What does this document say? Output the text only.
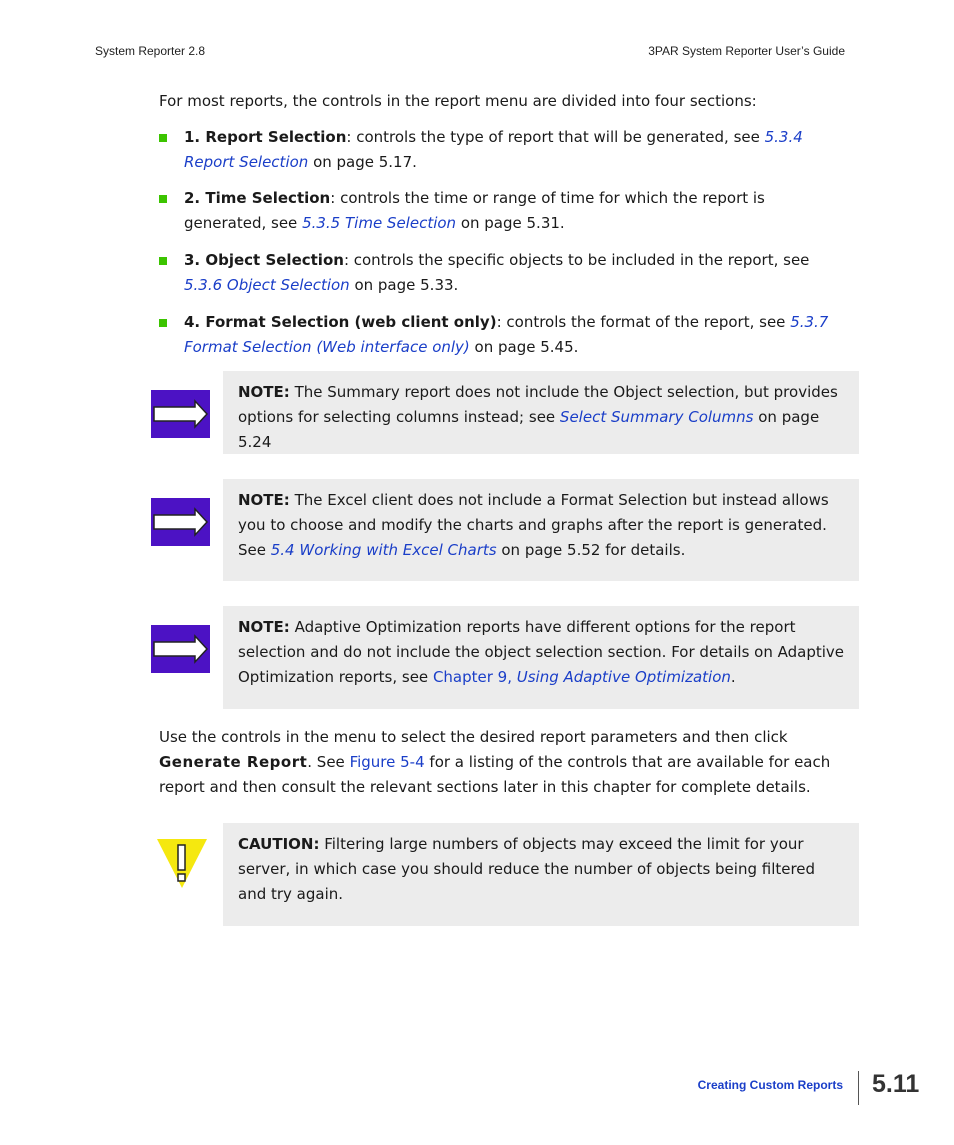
System Reporter 2.8	3PAR System Reporter User’s Guide
For most reports, the controls in the report menu are divided into four sections:
1. Report Selection: controls the type of report that will be generated, see 5.3.4 Report Selection on page 5.17.
2. Time Selection: controls the time or range of time for which the report is generated, see 5.3.5 Time Selection on page 5.31.
3. Object Selection: controls the specific objects to be included in the report, see 5.3.6 Object Selection on page 5.33.
4. Format Selection (web client only): controls the format of the report, see 5.3.7 Format Selection (Web interface only) on page 5.45.
NOTE: The Summary report does not include the Object selection, but provides options for selecting columns instead; see Select Summary Columns on page 5.24
NOTE: The Excel client does not include a Format Selection but instead allows you to choose and modify the charts and graphs after the report is generated. See 5.4 Working with Excel Charts on page 5.52 for details.
NOTE: Adaptive Optimization reports have different options for the report selection and do not include the object selection section. For details on Adaptive Optimization reports, see Chapter 9, Using Adaptive Optimization.
Use the controls in the menu to select the desired report parameters and then click Generate Report. See Figure 5-4 for a listing of the controls that are available for each report and then consult the relevant sections later in this chapter for complete details.
CAUTION: Filtering large numbers of objects may exceed the limit for your server, in which case you should reduce the number of objects being filtered and try again.
Creating Custom Reports 5.11
